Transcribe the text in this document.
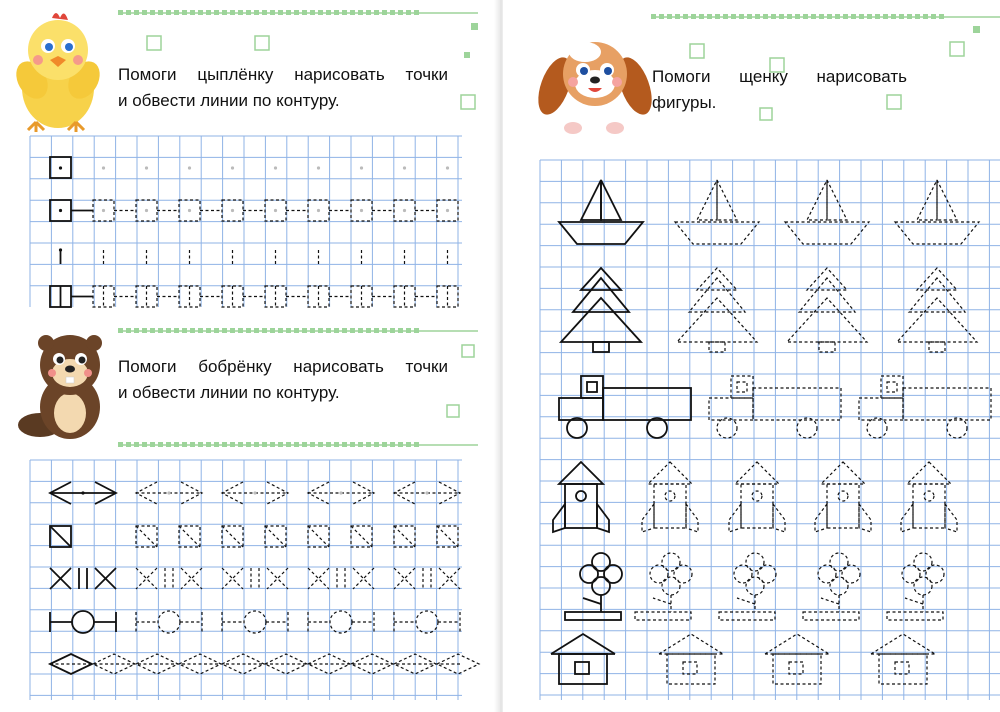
Помоги цыплёнку нарисовать точки
и обвести линии по контуру.
Помоги бобрёнку нарисовать точки
и обвести линии по контуру.
Помоги щенку нарисовать
фигуры.
